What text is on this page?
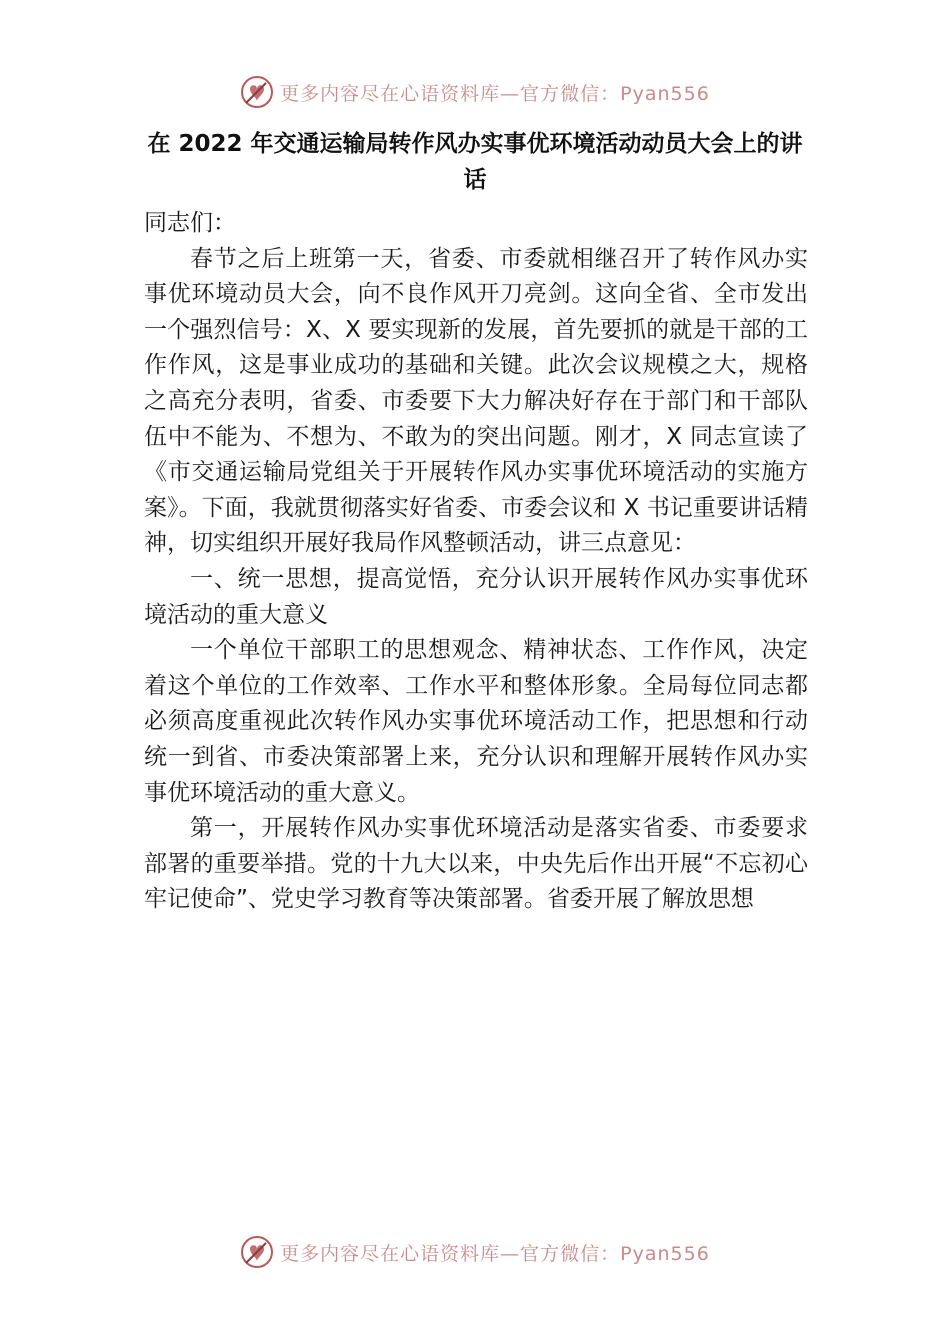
更多内容尽在心语资料库—官方微信：Pyan556
在 2022 年交通运输局转作风办实事优环境活动动员大会上的讲话

同志们：

春节之后上班第一天，省委、市委就相继召开了转作风办实事优环境动员大会，向不良作风开刀亮剑。这向全省、全市发出一个强烈信号：X、X 要实现新的发展，首先要抓的就是干部的工作作风，这是事业成功的基础和关键。此次会议规模之大，规格之高充分表明，省委、市委要下大力解决好存在于部门和干部队伍中不能为、不想为、不敢为的突出问题。刚才，X 同志宣读了《市交通运输局党组关于开展转作风办实事优环境活动的实施方案》。下面，我就贯彻落实好省委、市委会议和 X 书记重要讲话精神，切实组织开展好我局作风整顿活动，讲三点意见：

一、统一思想，提高觉悟，充分认识开展转作风办实事优环境活动的重大意义

一个单位干部职工的思想观念、精神状态、工作作风，决定着这个单位的工作效率、工作水平和整体形象。全局每位同志都必须高度重视此次转作风办实事优环境活动工作，把思想和行动统一到省、市委决策部署上来，充分认识和理解开展转作风办实事优环境活动的重大意义。

第一，开展转作风办实事优环境活动是落实省委、市委要求部署的重要举措。党的十九大以来，中央先后作出开展“不忘初心牢记使命”、党史学习教育等决策部署。省委开展了解放思想

更多内容尽在心语资料库—官方微信：Pyan556
